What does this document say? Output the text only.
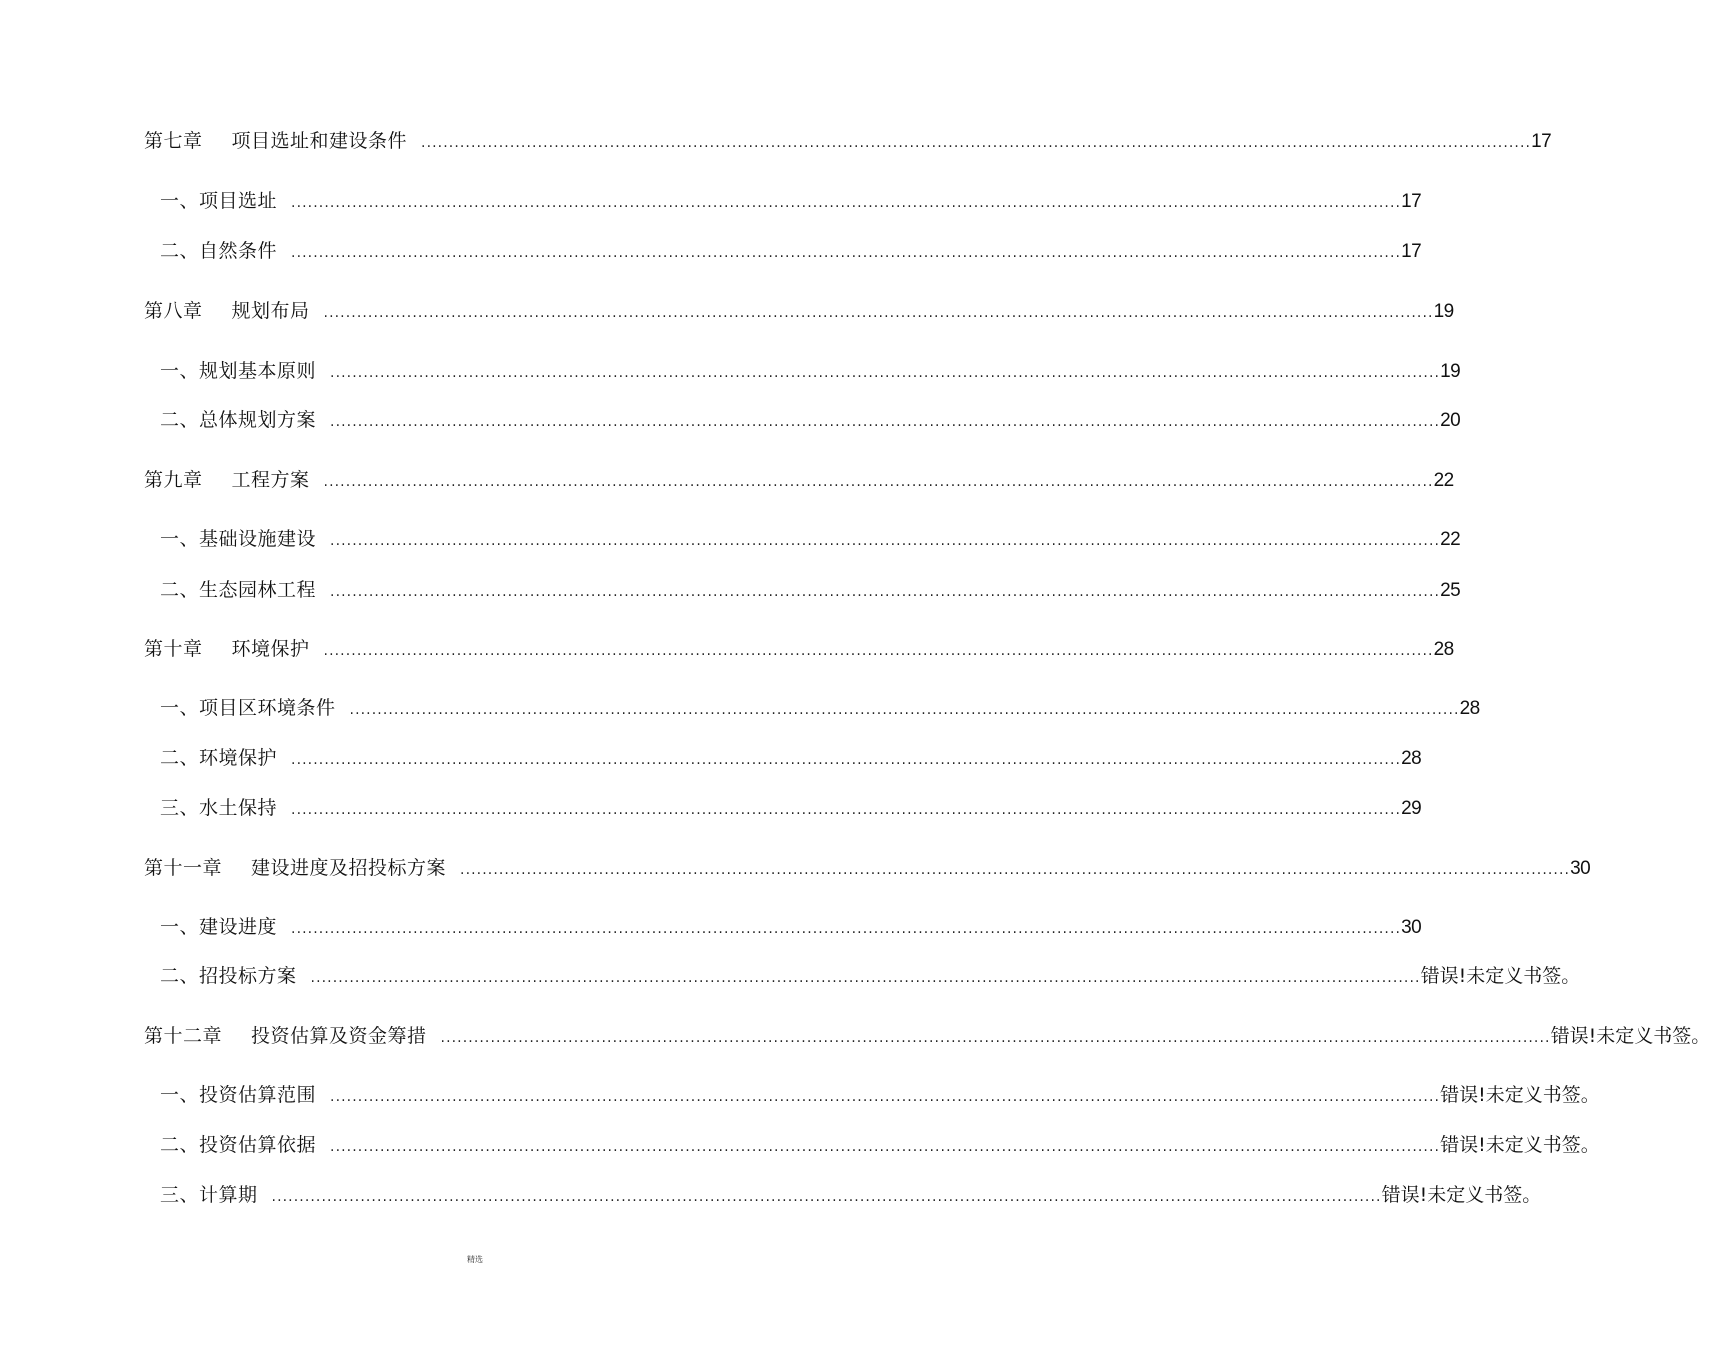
第七章 项目选址和建设条件 ........................................................................................................................................................................................................ 17
一、项目选址 ........................................................................................................................................................................................................ 17
二、自然条件 ........................................................................................................................................................................................................ 17
第八章 规划布局 ........................................................................................................................................................................................................ 19
一、规划基本原则 ........................................................................................................................................................................................................ 19
二、总体规划方案 ........................................................................................................................................................................................................ 20
第九章 工程方案 ........................................................................................................................................................................................................ 22
一、基础设施建设 ........................................................................................................................................................................................................ 22
二、生态园林工程 ........................................................................................................................................................................................................ 25
第十章 环境保护 ........................................................................................................................................................................................................ 28
一、项目区环境条件 ........................................................................................................................................................................................................ 28
二、环境保护 ........................................................................................................................................................................................................ 28
三、水土保持 ........................................................................................................................................................................................................ 29
第十一章 建设进度及招投标方案 ........................................................................................................................................................................................................ 30
一、建设进度 ........................................................................................................................................................................................................ 30
二、招投标方案 ........................................................................................................................................................................................................ 错误!未定义书签。
第十二章 投资估算及资金筹措 ........................................................................................................................................................................................................ 错误!未定义书签。
一、投资估算范围 ........................................................................................................................................................................................................ 错误!未定义书签。
二、投资估算依据 ........................................................................................................................................................................................................ 错误!未定义书签。
三、计算期 ........................................................................................................................................................................................................ 错误!未定义书签。
精选
